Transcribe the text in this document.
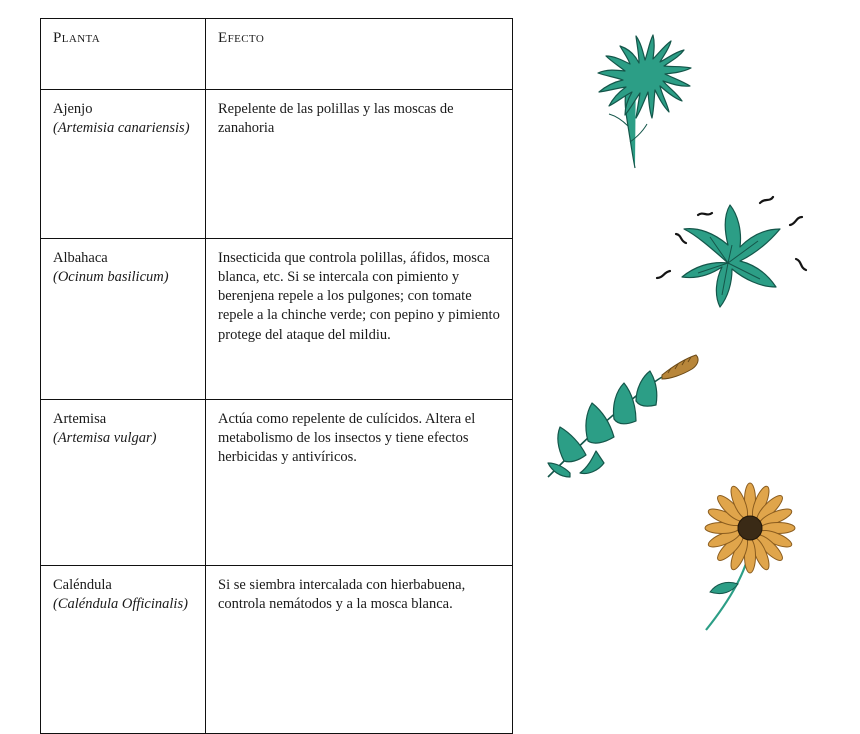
Planta	Efecto

Ajenjo
(Artemisia canariensis)	Repelente de las polillas y las moscas de zanahoria

Albahaca
(Ocinum basilicum)	Insecticida que controla polillas, áfidos, mosca blanca, etc. Si se intercala con pimiento y berenjena repele a los pulgones; con tomate repele a la chinche verde; con pepino y pimiento protege del ataque del mildiu.

Artemisa
(Artemisa vulgar)	Actúa como repelente de culícidos. Altera el metabolismo de los insectos y tiene efectos herbicidas y antivíricos.

Caléndula
(Caléndula Officinalis)	Si se siembra intercalada con hierbabuena, controla nemátodos y a la mosca blanca.
